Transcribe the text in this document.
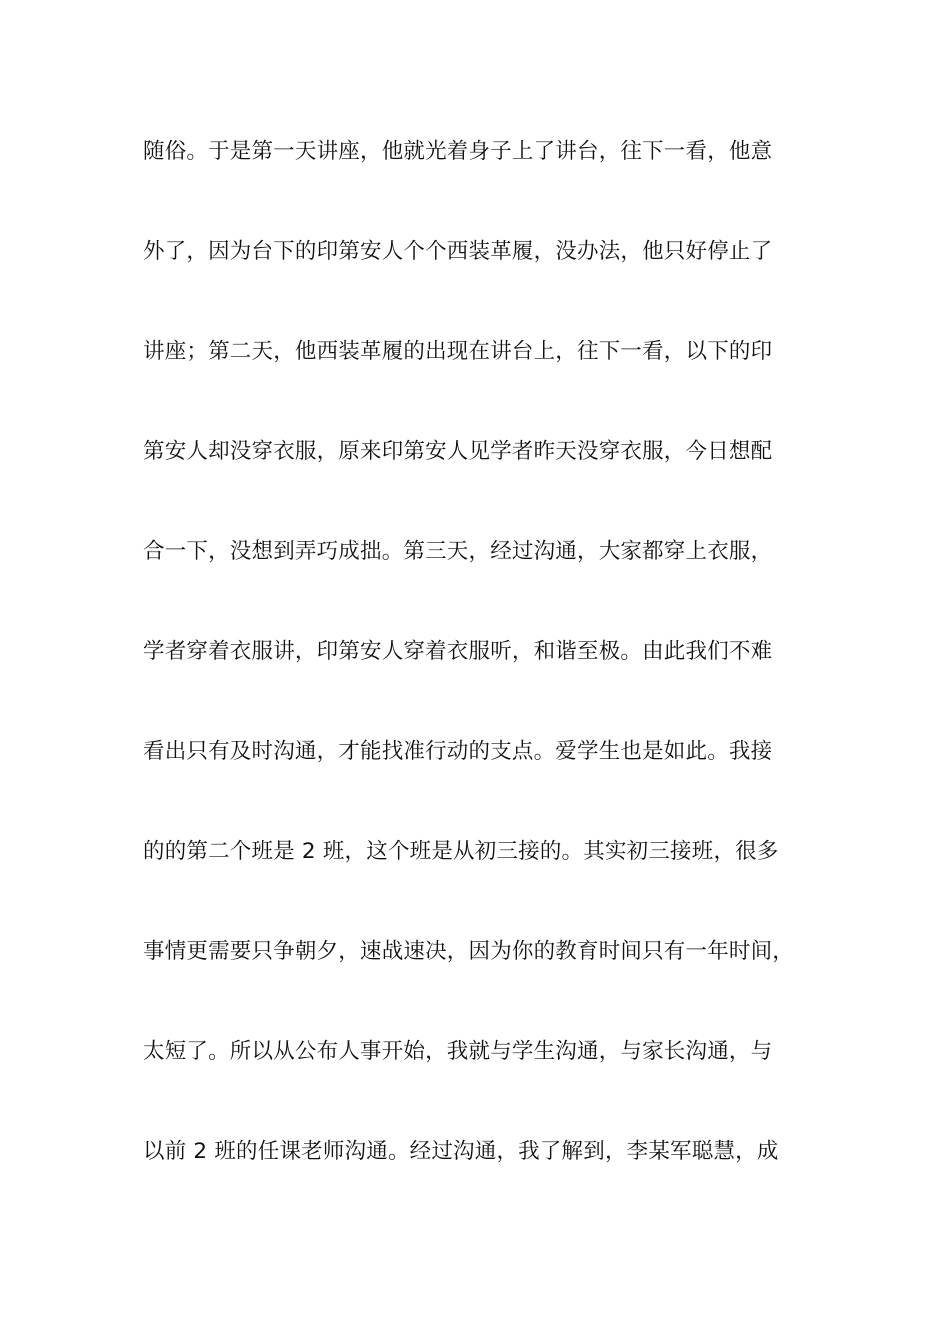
随俗。于是第一天讲座，他就光着身子上了讲台，往下一看，他意
外了，因为台下的印第安人个个西装革履，没办法，他只好停止了
讲座；第二天，他西装革履的出现在讲台上，往下一看，以下的印
第安人却没穿衣服，原来印第安人见学者昨天没穿衣服，今日想配
合一下，没想到弄巧成拙。第三天，经过沟通，大家都穿上衣服，
学者穿着衣服讲，印第安人穿着衣服听，和谐至极。由此我们不难
看出只有及时沟通，才能找准行动的支点。爱学生也是如此。我接
的的第二个班是 2 班，这个班是从初三接的。其实初三接班，很多
事情更需要只争朝夕，速战速决，因为你的教育时间只有一年时间，
太短了。所以从公布人事开始，我就与学生沟通，与家长沟通，与
以前 2 班的任课老师沟通。经过沟通，我了解到，李某军聪慧，成
